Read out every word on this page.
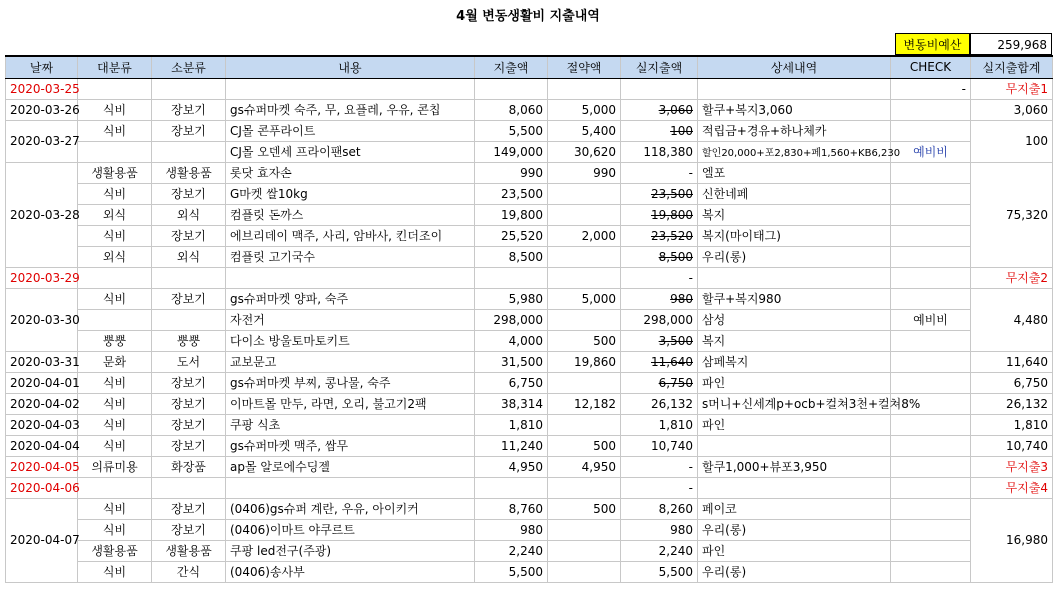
4월 변동생활비 지출내역
변동비예산	259,968
날짜	대분류	소분류	내용	지출액	절약액	실지출액	상세내역	CHECK	실지출합계
2020-03-25								-	무지출1
2020-03-26	식비	장보기	gs슈퍼마켓 숙주, 무, 요플레, 우유, 콘칩	8,060	5,000	3,060	할쿠+복지3,060		3,060
2020-03-27	식비	장보기	CJ몰 콘푸라이트	5,500	5,400	100	적립금+경유+하나체카		100
			CJ몰 오덴세 프라이팬set	149,000	30,620	118,380	할인20,000+포2,830+페1,560+KB6,230	예비비	
2020-03-28	생활용품	생활용품	롯닷 효자손	990	990	-	엘포		75,320
	식비	장보기	G마켓 쌀10kg	23,500		23,500	신한네페		
	외식	외식	컴플릿 돈까스	19,800		19,800	복지		
	식비	장보기	에브리데이 맥주, 사리, 암바사, 킨더조이	25,520	2,000	23,520	복지(마이태그)		
	외식	외식	컴플릿 고기국수	8,500		8,500	우리(롱)		
2020-03-29						-			무지출2
2020-03-30	식비	장보기	gs슈퍼마켓 양파, 숙주	5,980	5,000	980	할쿠+복지980		4,480
			자전거	298,000		298,000	삼성	예비비	
	뿡뿡	뿡뿡	다이소 방울토마토키트	4,000	500	3,500	복지		
2020-03-31	문화	도서	교보문고	31,500	19,860	11,640	삼페복지		11,640
2020-04-01	식비	장보기	gs슈퍼마켓 부찌, 콩나물, 숙주	6,750		6,750	파인		6,750
2020-04-02	식비	장보기	이마트몰 만두, 라면, 오리, 불고기2팩	38,314	12,182	26,132	s머니+신세계p+ocb+컬쳐3천+컬쳐8%		26,132
2020-04-03	식비	장보기	쿠팡 식초	1,810		1,810	파인		1,810
2020-04-04	식비	장보기	gs슈퍼마켓 맥주, 쌈무	11,240	500	10,740			10,740
2020-04-05	의류미용	화장품	ap몰 알로에수딩젤	4,950	4,950	-	할쿠1,000+뷰포3,950		무지출3
2020-04-06						-			무지출4
2020-04-07	식비	장보기	(0406)gs슈퍼 계란, 우유, 아이키커	8,760	500	8,260	페이코		16,980
	식비	장보기	(0406)이마트 야쿠르트	980		980	우리(롱)		
	생활용품	생활용품	쿠팡 led전구(주광)	2,240		2,240	파인		
	식비	간식	(0406)송사부	5,500		5,500	우리(롱)		
